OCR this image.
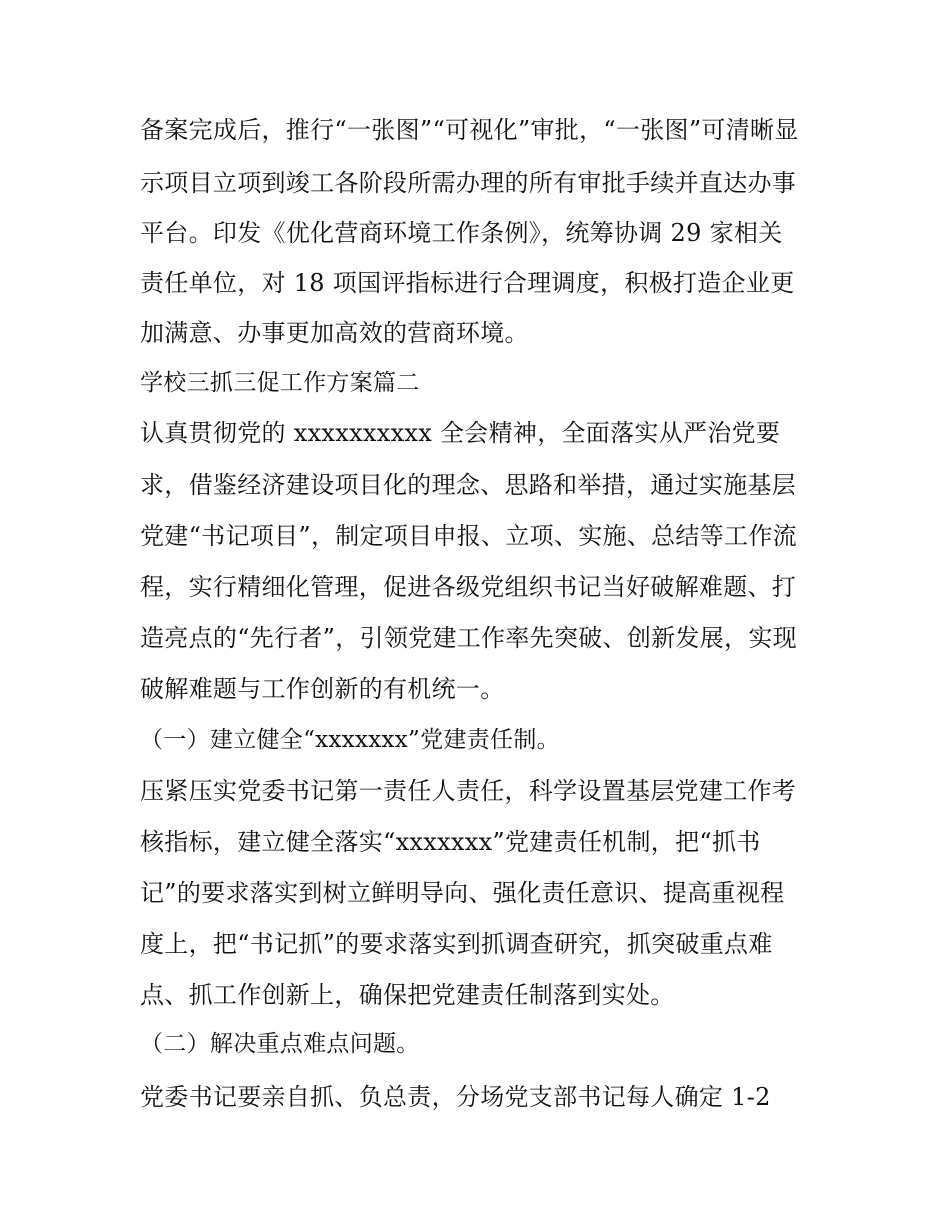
备案完成后，推行“一张图”“可视化”审批，“一张图”可清晰显
示项目立项到竣工各阶段所需办理的所有审批手续并直达办事
平台。印发《优化营商环境工作条例》，统筹协调 29 家相关
责任单位，对 18 项国评指标进行合理调度，积极打造企业更
加满意、办事更加高效的营商环境。
学校三抓三促工作方案篇二
认真贯彻党的 xxxxxxxxxx 全会精神，全面落实从严治党要
求，借鉴经济建设项目化的理念、思路和举措，通过实施基层
党建“书记项目”，制定项目申报、立项、实施、总结等工作流
程，实行精细化管理，促进各级党组织书记当好破解难题、打
造亮点的“先行者”，引领党建工作率先突破、创新发展，实现
破解难题与工作创新的有机统一。
（一）建立健全“xxxxxxx”党建责任制。
压紧压实党委书记第一责任人责任，科学设置基层党建工作考
核指标，建立健全落实“xxxxxxx”党建责任机制，把“抓书
记”的要求落实到树立鲜明导向、强化责任意识、提高重视程
度上，把“书记抓”的要求落实到抓调查研究，抓突破重点难
点、抓工作创新上，确保把党建责任制落到实处。
（二）解决重点难点问题。
党委书记要亲自抓、负总责，分场党支部书记每人确定 1-2
